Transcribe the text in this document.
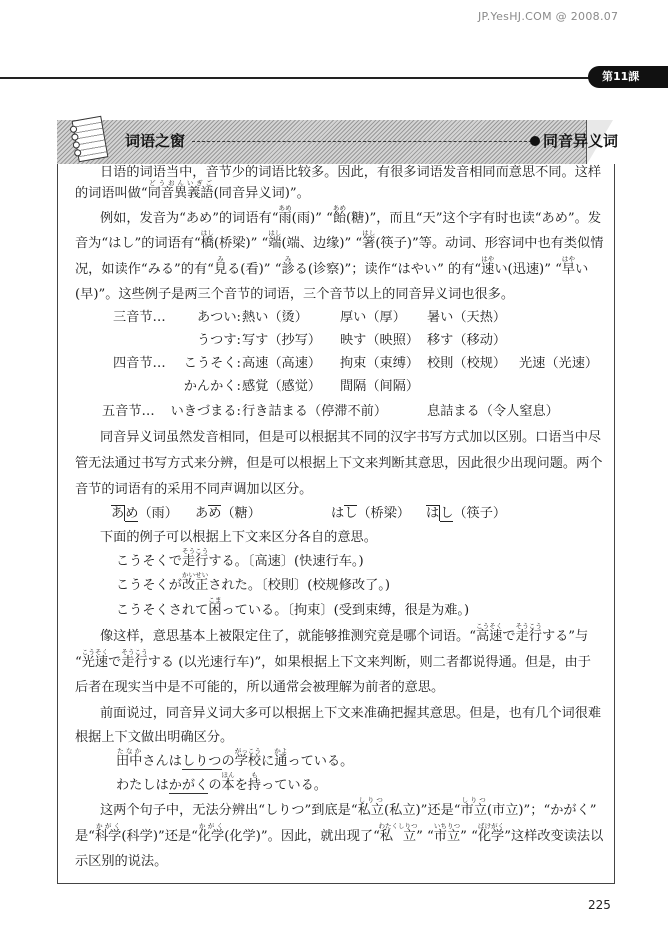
JP.YesHJ.COM @ 2008.07
第11課
词语之窗	同音异义词
日语的词语当中，音节少的词语比较多。因此，有很多词语发音相同而意思不同。这样
的词语叫做“同音異義語どうおんいぎご(同音异义词)”。
例如，发音为“あめ”的词语有“雨あめ(雨)” “飴あめ(糖)”，而且“天”这个字有时也读“あめ”。发
音为“はし”的词语有“橋はし(桥梁)” “端はし(端、边缘)” “箸はし(筷子)”等。动词、形容词中也有类似情
况，如读作“みる”的有“見みる(看)” “診みる(诊察)”；读作“はやい” 的有“速はやい(迅速)” “早はやい
(早)”。这些例子是两三个音节的词语，三个音节以上的同音异义词也很多。
同音异义词虽然发音相同，但是可以根据其不同的汉字书写方式加以区别。口语当中尽
管无法通过书写方式来分辨，但是可以根据上下文来判断其意思，因此很少出现问题。两个
音节的词语有的采用不同声调加以区分。
下面的例子可以根据上下文来区分各自的意思。
こうそくで走行そうこうする。〔高速〕(快速行车。)
こうそくが改正かいせいされた。〔校則〕(校规修改了。)
こうそくされて困こまっている。〔拘束〕(受到束缚，很是为难。)
像这样，意思基本上被限定住了，就能够推测究竟是哪个词语。“高速こうそくで走行そうこうする”与
“光速こうそくで走行そうこうする (以光速行车)”，如果根据上下文来判断，则二者都说得通。但是，由于
后者在现实当中是不可能的，所以通常会被理解为前者的意思。
前面说过，同音异义词大多可以根据上下文来准确把握其意思。但是，也有几个词很难
根据上下文做出明确区分。
田中たなかさんはしりつの学校がっこうに通かよっている。
わたしはかがくの本ほんを持もっている。
这两个句子中，无法分辨出“しりつ”到底是“私立しりつ(私立)”还是“市立しりつ(市立)”；“かがく”
是“科学かがく(科学)”还是“化学かがく(化学)”。因此，就出现了“私 立わたくしりつ” “市立いちりつ” “化学ばけがく”这样改变读法以
示区别的说法。
三音节… あつい: 熱い（烫） 厚い（厚） 暑い（天热）
うつす: 写す（抄写） 映す（映照） 移す（移动）
四音节… こうそく: 高速（高速） 拘束（束缚） 校則（校规） 光速（光速）
かんかく: 感覚（感觉） 間隔（间隔）
五音节… いきづまる: 行き詰まる（停滞不前）	息詰まる（令人窒息）
あめ（雨） あめ（糖）	はし（桥梁） はし（筷子）
225
